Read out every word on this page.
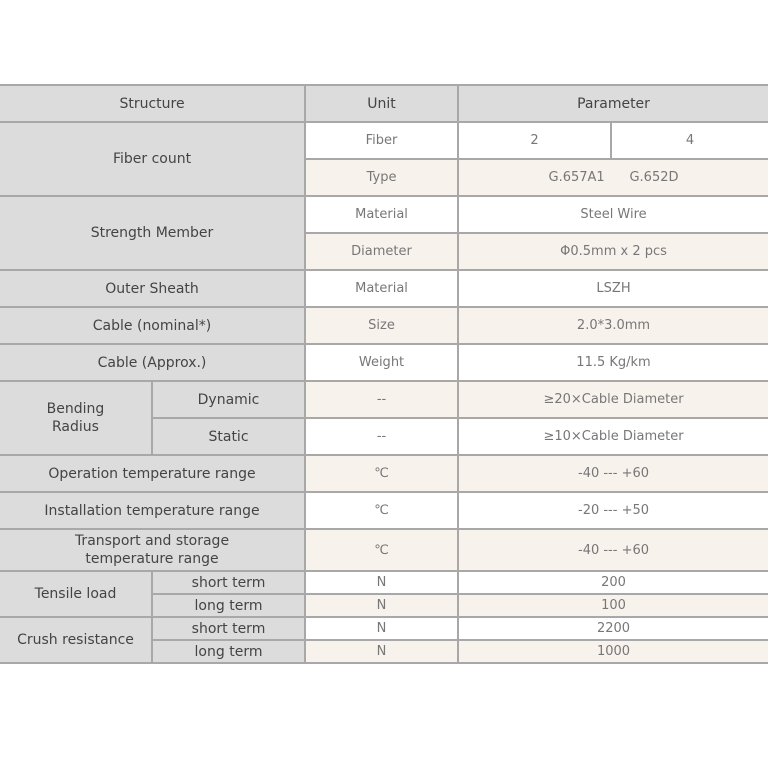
Structure		Unit	Parameter	
Fiber count		Fiber	2	4
		Type	G.657A1      G.652D	
Strength Member		Material	Steel Wire	
		Diameter	Φ0.5mm x 2 pcs	
Outer Sheath		Material	LSZH	
Cable (nominal*)		Size	2.0*3.0mm	
Cable (Approx.)		Weight	11.5 Kg/km	
Bending Radius	Dynamic	--	≥20×Cable Diameter	
	Static	--	≥10×Cable Diameter	
Operation temperature range		℃	-40 --- +60	
Installation temperature range		℃	-20 --- +50	
Transport and storage temperature range		℃	-40 --- +60	
Tensile load	short term	N	200	
	long term	N	100	
Crush resistance	short term	N	2200	
	long term	N	1000	
